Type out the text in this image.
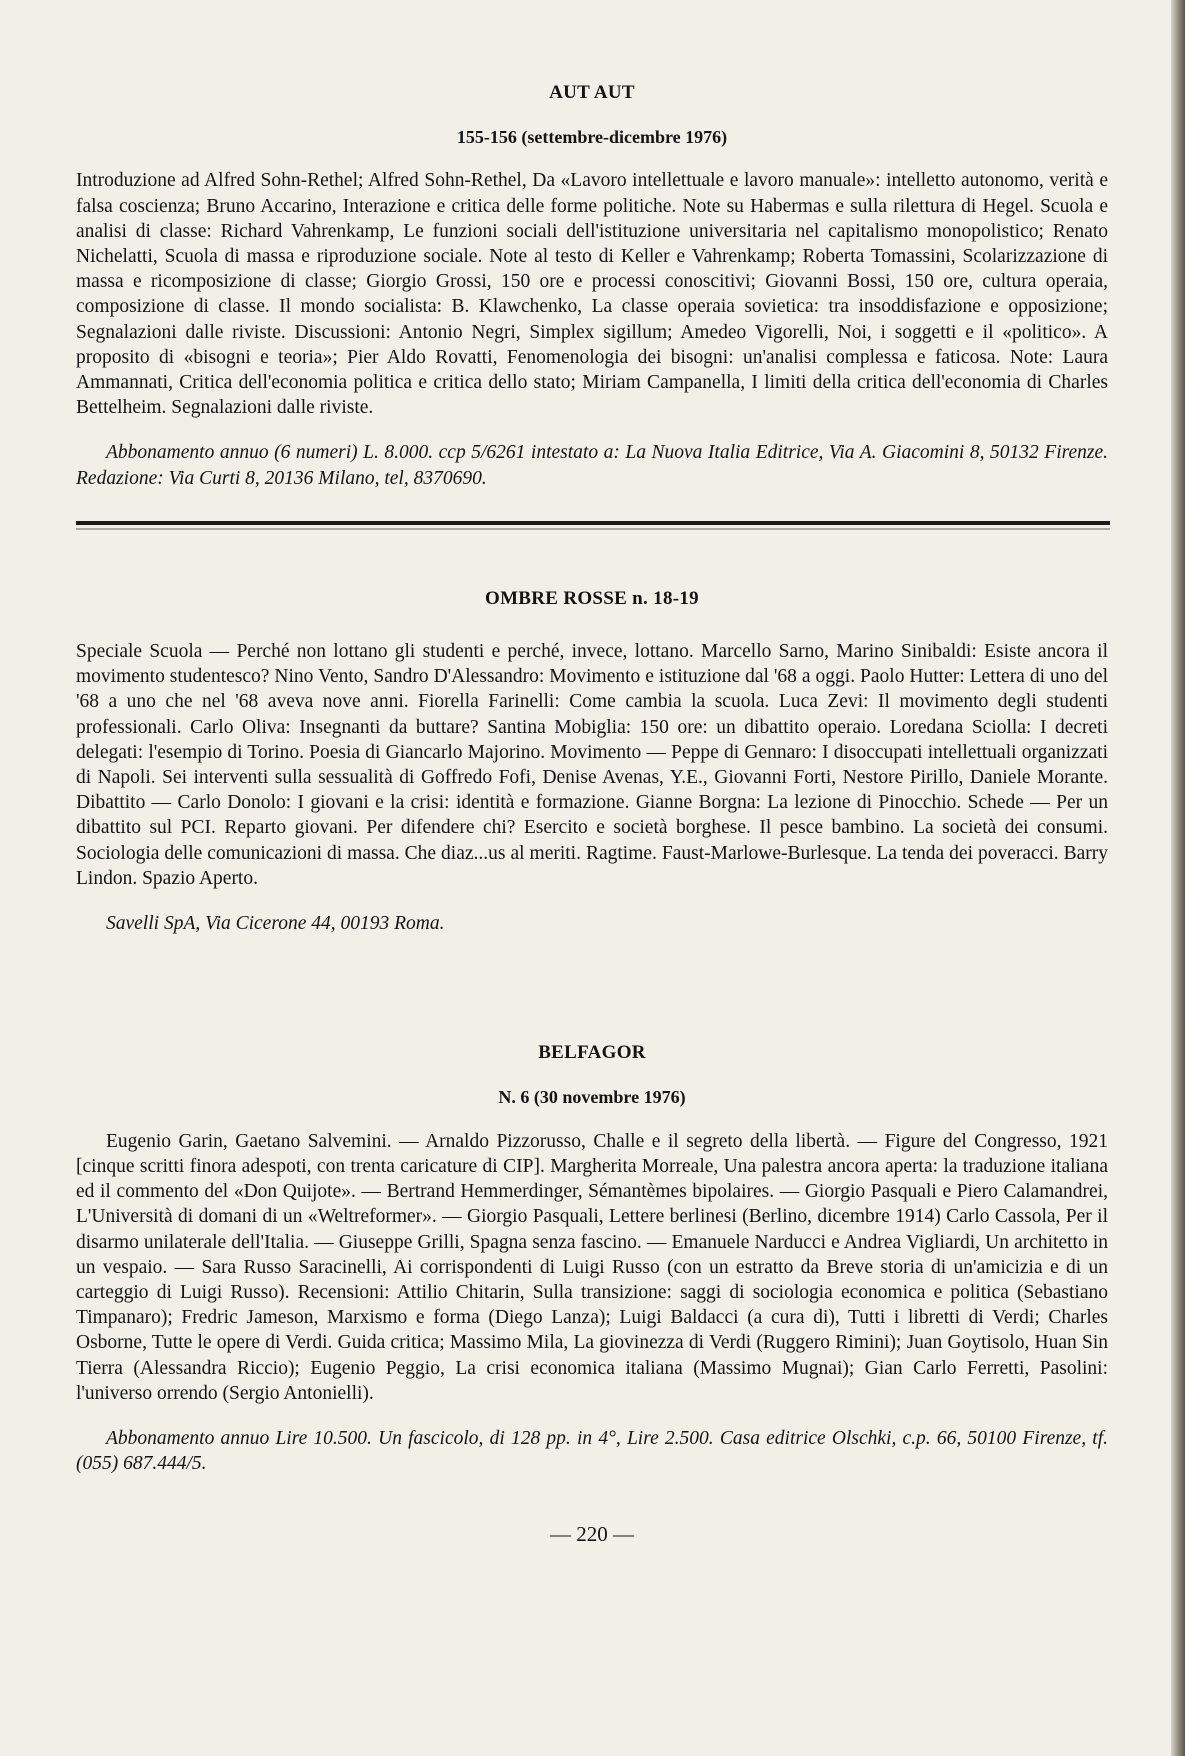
AUT AUT
155-156 (settembre-dicembre 1976)

Introduzione ad Alfred Sohn-Rethel; Alfred Sohn-Rethel, Da «Lavoro intellettuale e lavoro manuale»: intelletto autonomo, verità e falsa coscienza; Bruno Accarino, Interazione e critica delle forme politiche. Note su Habermas e sulla rilettura di Hegel. Scuola e analisi di classe: Richard Vahrenkamp, Le funzioni sociali dell'istituzione universitaria nel capitalismo monopolistico; Renato Nichelatti, Scuola di massa e riproduzione sociale. Note al testo di Keller e Vahrenkamp; Roberta Tomassini, Scolarizzazione di massa e ricomposizione di classe; Giorgio Grossi, 150 ore e processi conoscitivi; Giovanni Bossi, 150 ore, cultura operaia, composizione di classe. Il mondo socialista: B. Klawchenko, La classe operaia sovietica: tra insoddisfazione e opposizione; Segnalazioni dalle riviste. Discussioni: Antonio Negri, Simplex sigillum; Amedeo Vigorelli, Noi, i soggetti e il «politico». A proposito di «bisogni e teoria»; Pier Aldo Rovatti, Fenomenologia dei bisogni: un'analisi complessa e faticosa. Note: Laura Ammannati, Critica dell'economia politica e critica dello stato; Miriam Campanella, I limiti della critica dell'economia di Charles Bettelheim. Segnalazioni dalle riviste.

Abbonamento annuo (6 numeri) L. 8.000. ccp 5/6261 intestato a: La Nuova Italia Editrice, Via A. Giacomini 8, 50132 Firenze. Redazione: Via Curti 8, 20136 Milano, tel, 8370690.

OMBRE ROSSE n. 18-19

Speciale Scuola — Perché non lottano gli studenti e perché, invece, lottano. Marcello Sarno, Marino Sinibaldi: Esiste ancora il movimento studentesco? Nino Vento, Sandro D'Alessandro: Movimento e istituzione dal '68 a oggi. Paolo Hutter: Lettera di uno del '68 a uno che nel '68 aveva nove anni. Fiorella Farinelli: Come cambia la scuola. Luca Zevi: Il movimento degli studenti professionali. Carlo Oliva: Insegnanti da buttare? Santina Mobiglia: 150 ore: un dibattito operaio. Loredana Sciolla: I decreti delegati: l'esempio di Torino. Poesia di Giancarlo Majorino. Movimento — Peppe di Gennaro: I disoccupati intellettuali organizzati di Napoli. Sei interventi sulla sessualità di Goffredo Fofi, Denise Avenas, Y.E., Giovanni Forti, Nestore Pirillo, Daniele Morante. Dibattito — Carlo Donolo: I giovani e la crisi: identità e formazione. Gianne Borgna: La lezione di Pinocchio. Schede — Per un dibattito sul PCI. Reparto giovani. Per difendere chi? Esercito e società borghese. Il pesce bambino. La società dei consumi. Sociologia delle comunicazioni di massa. Che diaz...us al meriti. Ragtime. Faust-Marlowe-Burlesque. La tenda dei poveracci. Barry Lindon. Spazio Aperto.

Savelli SpA, Via Cicerone 44, 00193 Roma.

BELFAGOR
N. 6 (30 novembre 1976)

Eugenio Garin, Gaetano Salvemini. — Arnaldo Pizzorusso, Challe e il segreto della libertà. — Figure del Congresso, 1921 [cinque scritti finora adespoti, con trenta caricature di CIP]. Margherita Morreale, Una palestra ancora aperta: la traduzione italiana ed il commento del «Don Quijote». — Bertrand Hemmerdinger, Sémantèmes bipolaires. — Giorgio Pasquali e Piero Calamandrei, L'Università di domani di un «Weltreformer». — Giorgio Pasquali, Lettere berlinesi (Berlino, dicembre 1914) Carlo Cassola, Per il disarmo unilaterale dell'Italia. — Giuseppe Grilli, Spagna senza fascino. — Emanuele Narducci e Andrea Vigliardi, Un architetto in un vespaio. — Sara Russo Saracinelli, Ai corrispondenti di Luigi Russo (con un estratto da Breve storia di un'amicizia e di un carteggio di Luigi Russo). Recensioni: Attilio Chitarin, Sulla transizione: saggi di sociologia economica e politica (Sebastiano Timpanaro); Fredric Jameson, Marxismo e forma (Diego Lanza); Luigi Baldacci (a cura di), Tutti i libretti di Verdi; Charles Osborne, Tutte le opere di Verdi. Guida critica; Massimo Mila, La giovinezza di Verdi (Ruggero Rimini); Juan Goytisolo, Huan Sin Tierra (Alessandra Riccio); Eugenio Peggio, La crisi economica italiana (Massimo Mugnai); Gian Carlo Ferretti, Pasolini: l'universo orrendo (Sergio Antonielli).

Abbonamento annuo Lire 10.500. Un fascicolo, di 128 pp. in 4°, Lire 2.500. Casa editrice Olschki, c.p. 66, 50100 Firenze, tf. (055) 687.444/5.

— 220 —
